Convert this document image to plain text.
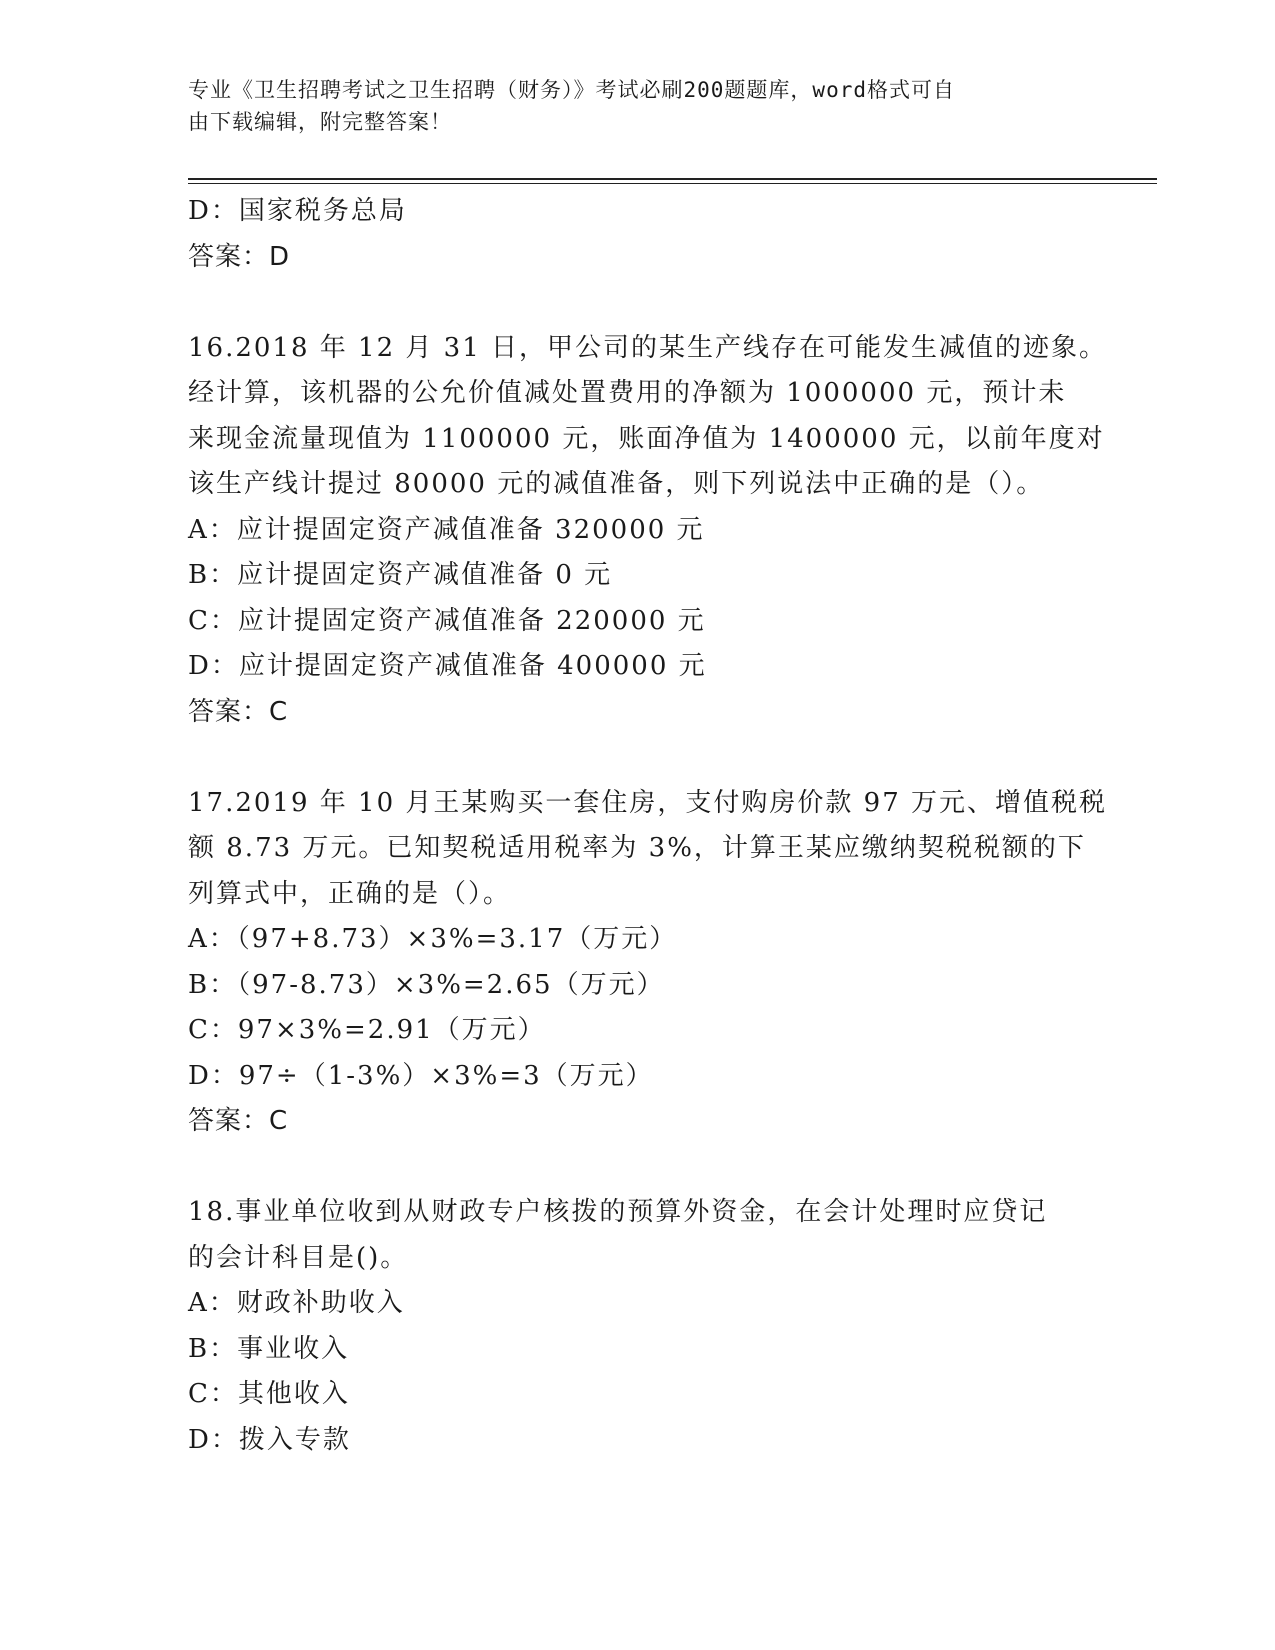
专业《卫生招聘考试之卫生招聘（财务）》考试必刷200题题库，word格式可自
由下载编辑，附完整答案！
D：国家税务总局
答案：D
16.2018 年 12 月 31 日，甲公司的某生产线存在可能发生减值的迹象。
经计算，该机器的公允价值减处置费用的净额为 1000000 元，预计未
来现金流量现值为 1100000 元，账面净值为 1400000 元，以前年度对
该生产线计提过 80000 元的减值准备，则下列说法中正确的是（）。
A：应计提固定资产减值准备 320000 元
B：应计提固定资产减值准备 0 元
C：应计提固定资产减值准备 220000 元
D：应计提固定资产减值准备 400000 元
答案：C
17.2019 年 10 月王某购买一套住房，支付购房价款 97 万元、增值税税
额 8.73 万元。已知契税适用税率为 3%，计算王某应缴纳契税税额的下
列算式中，正确的是（）。
A：（97+8.73）×3%=3.17（万元）
B：（97-8.73）×3%=2.65（万元）
C：97×3%=2.91（万元）
D：97÷（1-3%）×3%=3（万元）
答案：C
18.事业单位收到从财政专户核拨的预算外资金，在会计处理时应贷记
的会计科目是()。
A：财政补助收入
B：事业收入
C：其他收入
D：拨入专款
